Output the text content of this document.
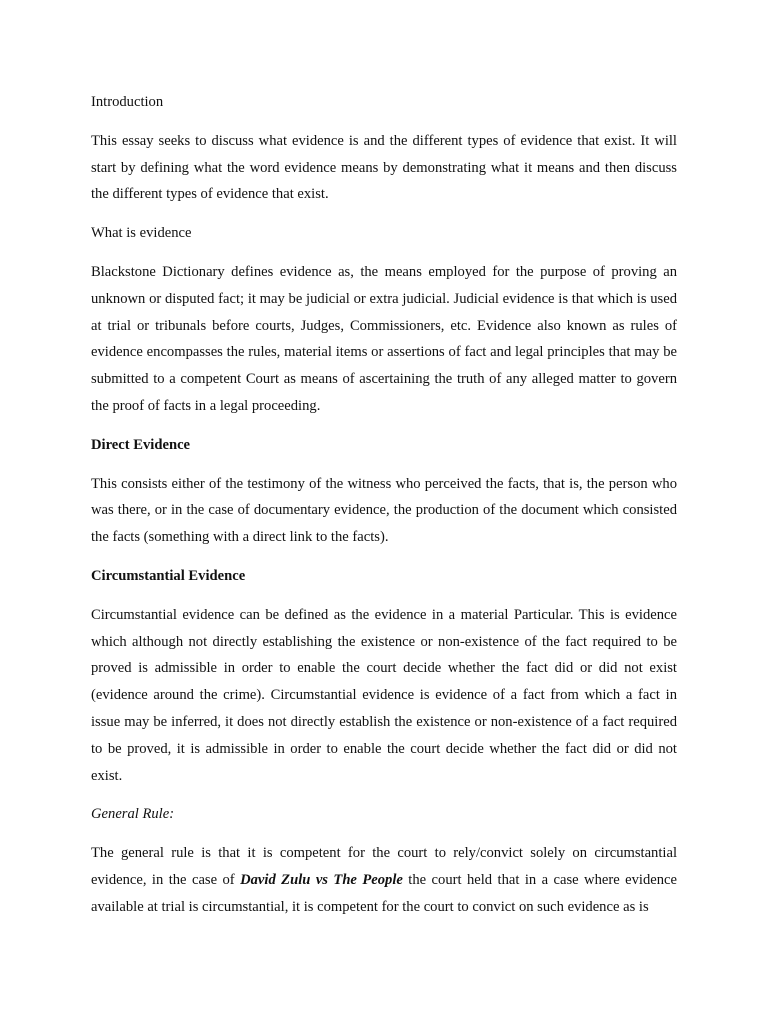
Introduction

This essay seeks to discuss what evidence is and the different types of evidence that exist. It will start by defining what the word evidence means by demonstrating what it means and then discuss the different types of evidence that exist.

What is evidence

Blackstone Dictionary defines evidence as, the means employed for the purpose of proving an unknown or disputed fact; it may be judicial or extra judicial. Judicial evidence is that which is used at trial or tribunals before courts, Judges, Commissioners, etc. Evidence also known as rules of evidence encompasses the rules, material items or assertions of fact and legal principles that may be submitted to a competent Court as means of ascertaining the truth of any alleged matter to govern the proof of facts in a legal proceeding.

Direct Evidence

This consists either of the testimony of the witness who perceived the facts, that is, the person who was there, or in the case of documentary evidence, the production of the document which consisted the facts (something with a direct link to the facts).

Circumstantial Evidence

Circumstantial evidence can be defined as the evidence in a material Particular. This is evidence which although not directly establishing the existence or non-existence of the fact required to be proved is admissible in order to enable the court decide whether the fact did or did not exist (evidence around the crime). Circumstantial evidence is evidence of a fact from which a fact in issue may be inferred, it does not directly establish the existence or non-existence of a fact required to be proved, it is admissible in order to enable the court decide whether the fact did or did not exist.

General Rule:

The general rule is that it is competent for the court to rely/convict solely on circumstantial evidence, in the case of David Zulu vs The People the court held that in a case where evidence available at trial is circumstantial, it is competent for the court to convict on such evidence as is
